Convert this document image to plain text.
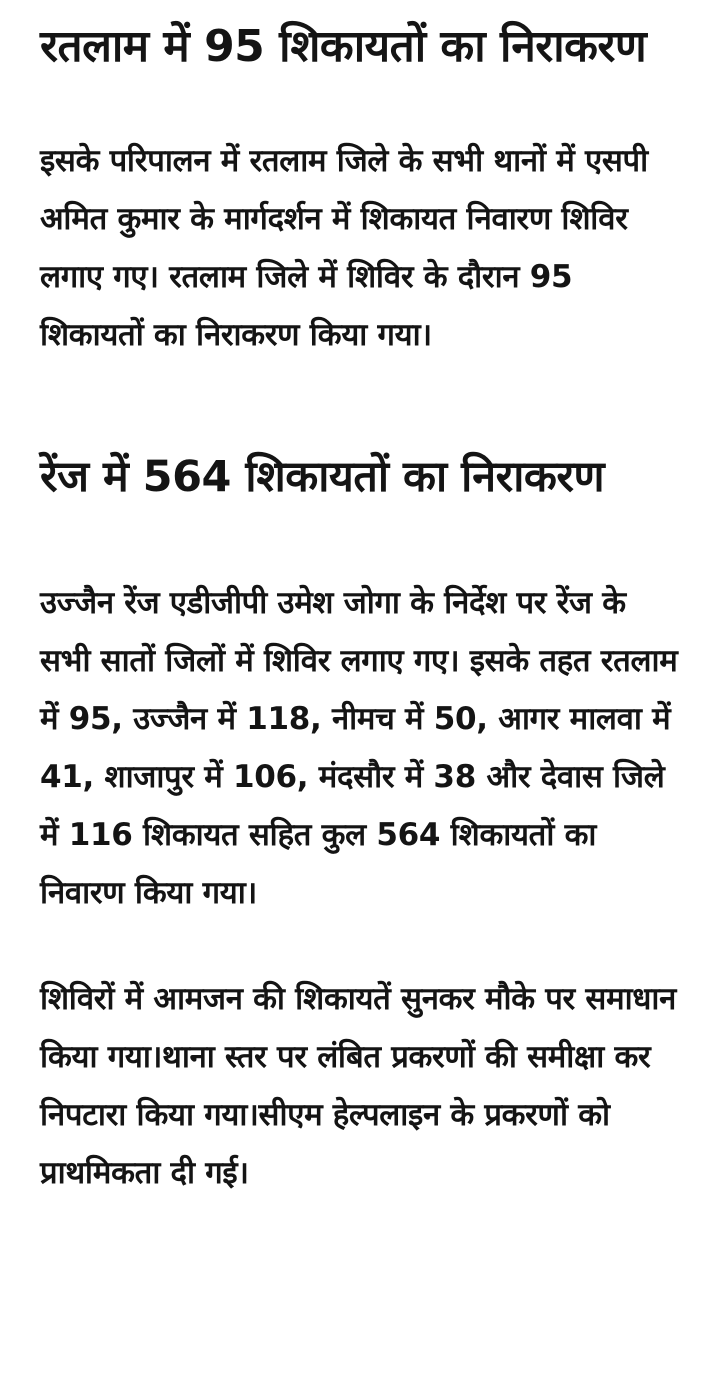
रतलाम में 95 शिकायतों का निराकरण

इसके परिपालन में रतलाम जिले के सभी थानों में एसपी अमित कुमार के मार्गदर्शन में शिकायत निवारण शिविर लगाए गए। रतलाम जिले में शिविर के दौरान 95 शिकायतों का निराकरण किया गया।

रेंज में 564 शिकायतों का निराकरण

उज्जैन रेंज एडीजीपी उमेश जोगा के निर्देश पर रेंज के सभी सातों जिलों में शिविर लगाए गए। इसके तहत रतलाम में 95, उज्जैन में 118, नीमच में 50, आगर मालवा में 41, शाजापुर में 106, मंदसौर में 38 और देवास जिले में 116 शिकायत सहित कुल 564 शिकायतों का निवारण किया गया।

शिविरों में आमजन की शिकायतें सुनकर मौके पर समाधान किया गया।थाना स्तर पर लंबित प्रकरणों की समीक्षा कर निपटारा किया गया।सीएम हेल्पलाइन के प्रकरणों को प्राथमिकता दी गई।
